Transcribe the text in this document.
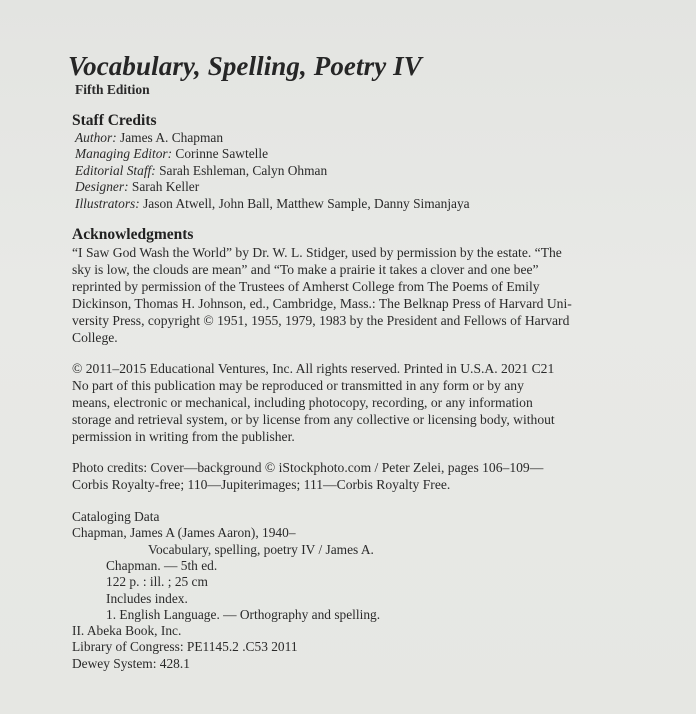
Vocabulary, Spelling, Poetry IV
Fifth Edition
Staff Credits
Author: James A. Chapman
Managing Editor: Corinne Sawtelle
Editorial Staff: Sarah Eshleman, Calyn Ohman
Designer: Sarah Keller
Illustrators: Jason Atwell, John Ball, Matthew Sample, Danny Simanjaya
Acknowledgments
“I Saw God Wash the World” by Dr. W. L. Stidger, used by permission by the estate. “The
sky is low, the clouds are mean” and “To make a prairie it takes a clover and one bee”
reprinted by permission of the Trustees of Amherst College from The Poems of Emily
Dickinson, Thomas H. Johnson, ed., Cambridge, Mass.: The Belknap Press of Harvard Uni-
versity Press, copyright © 1951, 1955, 1979, 1983 by the President and Fellows of Harvard
College.
© 2011–2015 Educational Ventures, Inc. All rights reserved. Printed in U.S.A. 2021 C21
No part of this publication may be reproduced or transmitted in any form or by any
means, electronic or mechanical, including photocopy, recording, or any information
storage and retrieval system, or by license from any collective or licensing body, without
permission in writing from the publisher.
Photo credits: Cover—background © iStockphoto.com / Peter Zelei, pages 106–109—
Corbis Royalty-free; 110—Jupiterimages; 111—Corbis Royalty Free.
Cataloging Data
Chapman, James A (James Aaron), 1940–
Vocabulary, spelling, poetry IV / James A.
Chapman. — 5th ed.
122 p. : ill. ; 25 cm
Includes index.
1. English Language. — Orthography and spelling.
II. Abeka Book, Inc.
Library of Congress: PE1145.2 .C53 2011
Dewey System: 428.1
